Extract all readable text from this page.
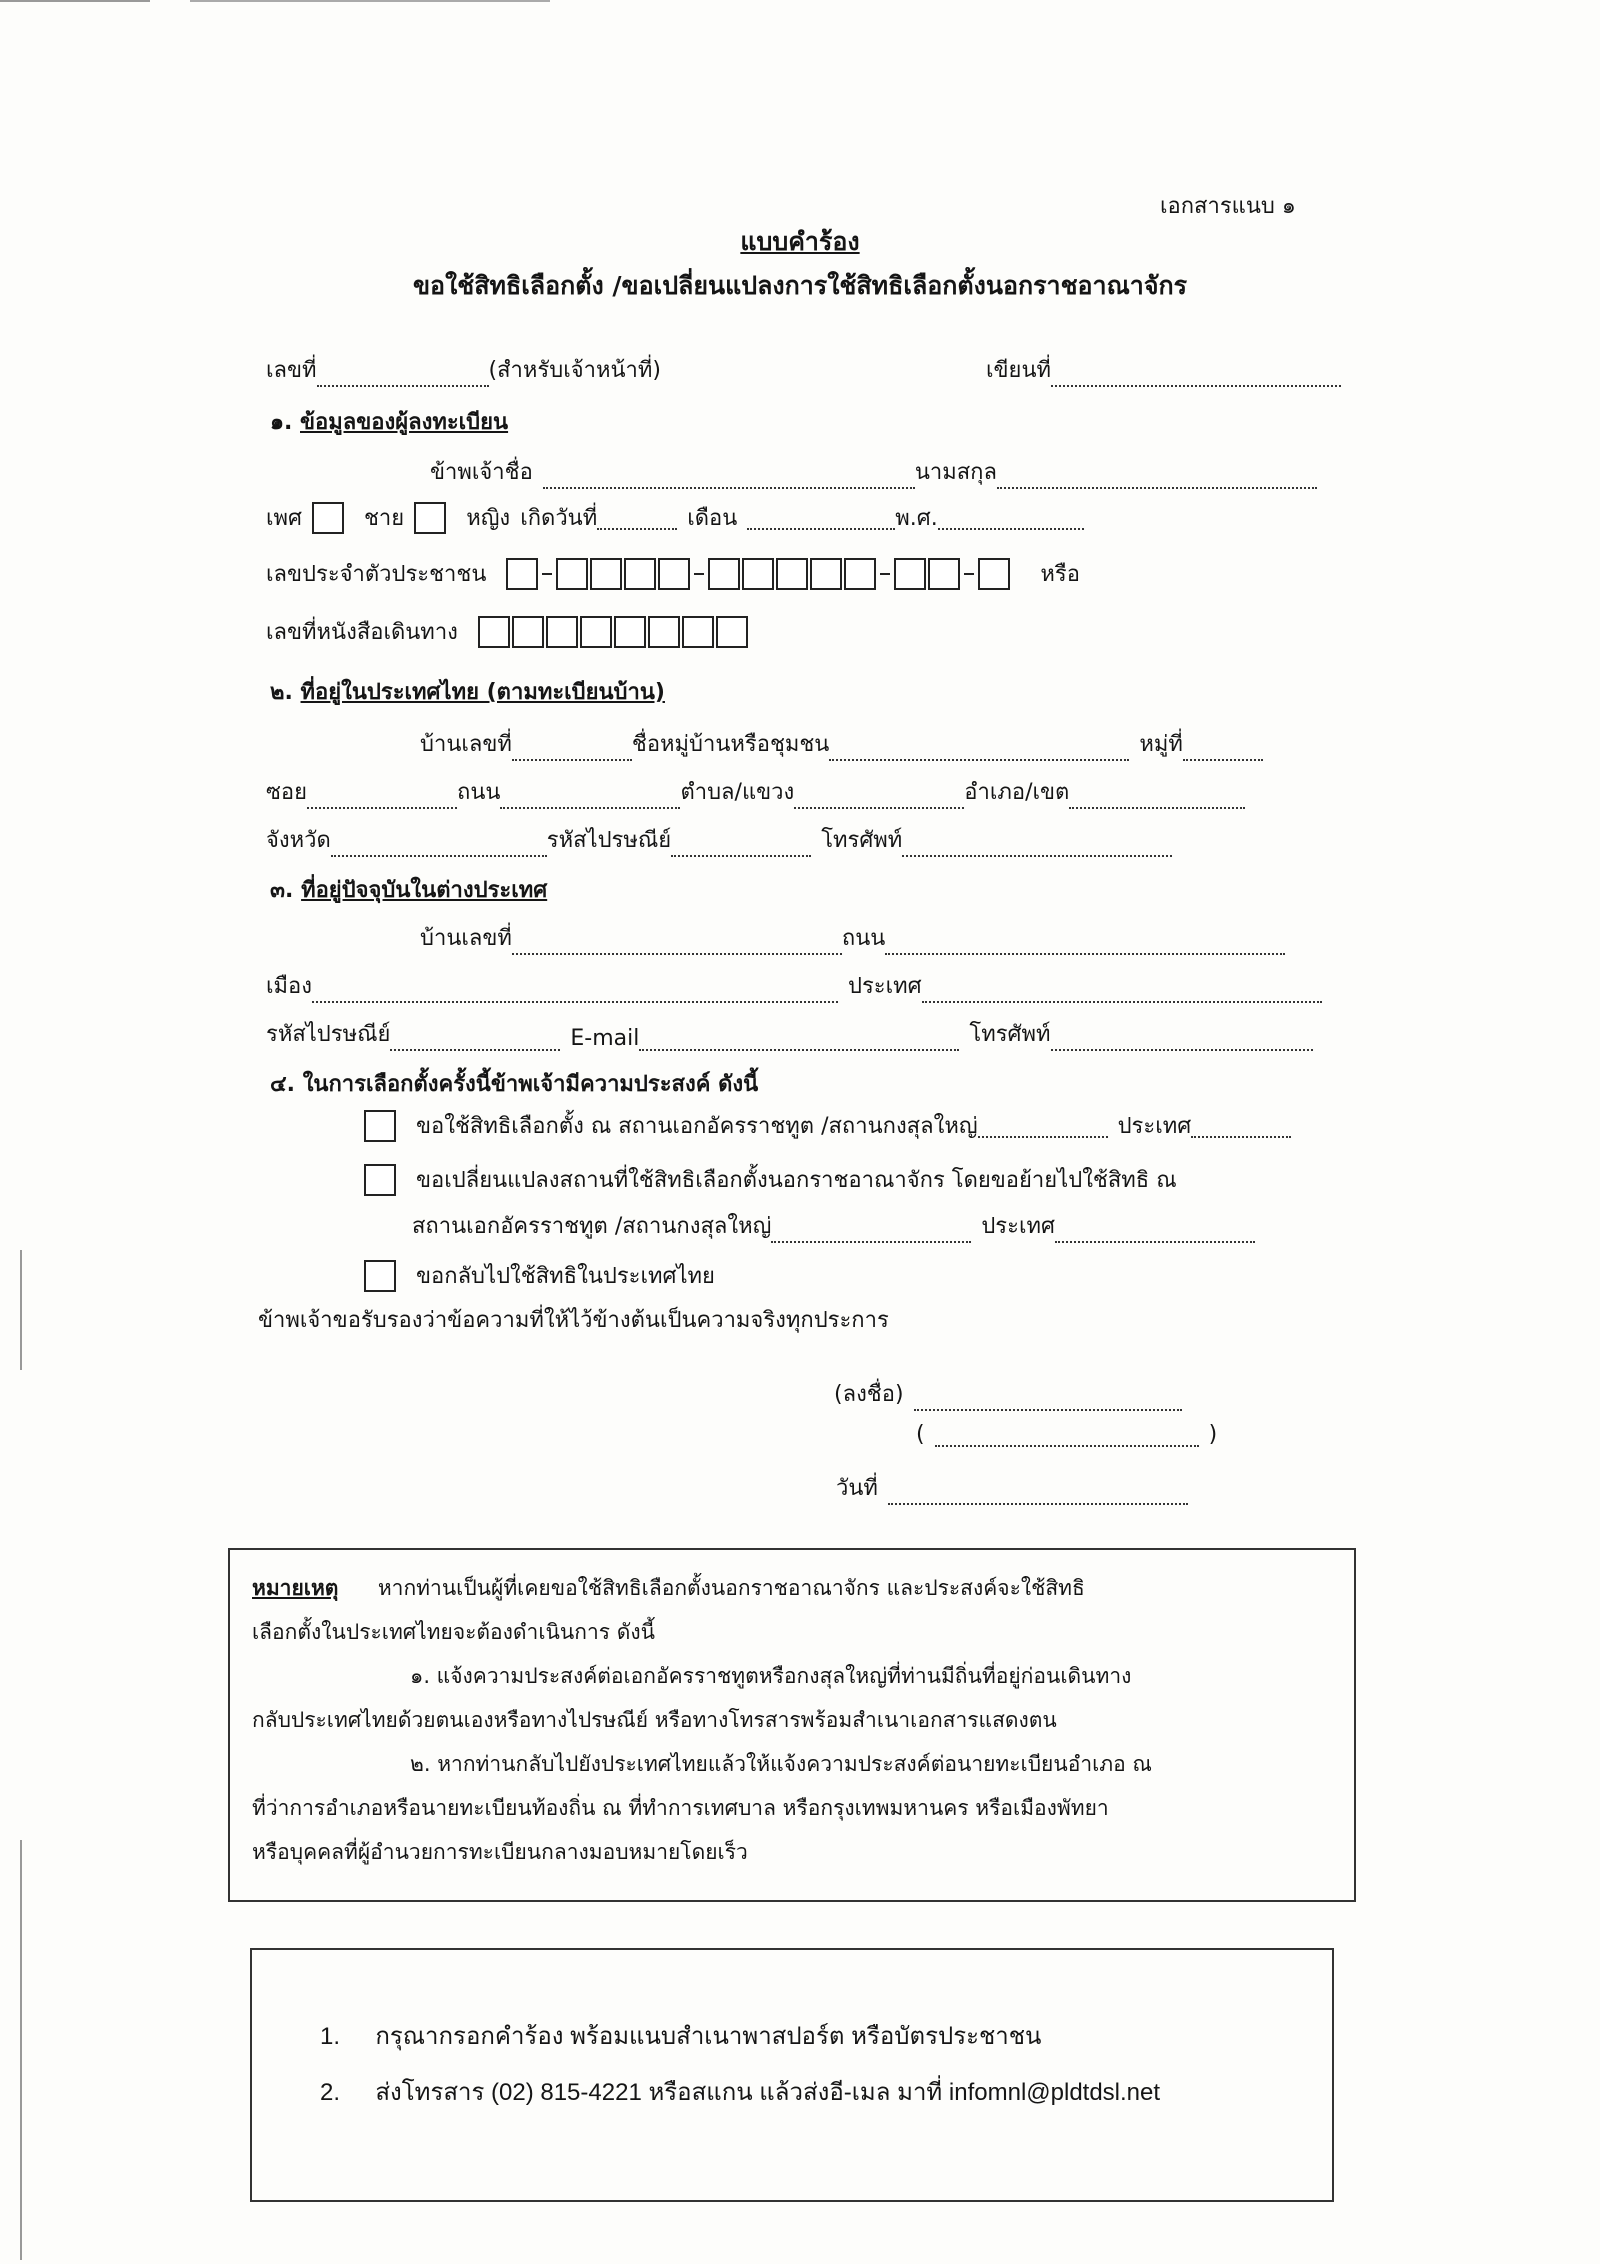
เอกสารแนบ ๑
แบบคำร้อง
ขอใช้สิทธิเลือกตั้ง /ขอเปลี่ยนแปลงการใช้สิทธิเลือกตั้งนอกราชอาณาจักร
เลขที่	(สำหรับเจ้าหน้าที่)	เขียนที่
๑. ข้อมูลของผู้ลงทะเบียน
ข้าพเจ้าชื่อ	นามสกุล
เพศ	ชาย	หญิง เกิดวันที่	เดือน	พ.ศ.
เลขประจำตัวประชาชน	หรือ
เลขที่หนังสือเดินทาง
๒. ที่อยู่ในประเทศไทย (ตามทะเบียนบ้าน)
บ้านเลขที่	ชื่อหมู่บ้านหรือชุมชน	หมู่ที่
ซอย	ถนน	ตำบล/แขวง	อำเภอ/เขต
จังหวัด	รหัสไปรษณีย์	โทรศัพท์
๓. ที่อยู่ปัจจุบันในต่างประเทศ
บ้านเลขที่	ถนน
เมือง	ประเทศ
รหัสไปรษณีย์	E-mail	โทรศัพท์
๔. ในการเลือกตั้งครั้งนี้ข้าพเจ้ามีความประสงค์ ดังนี้
ขอใช้สิทธิเลือกตั้ง ณ สถานเอกอัครราชทูต /สถานกงสุลใหญ่	ประเทศ
ขอเปลี่ยนแปลงสถานที่ใช้สิทธิเลือกตั้งนอกราชอาณาจักร โดยขอย้ายไปใช้สิทธิ ณ
สถานเอกอัครราชทูต /สถานกงสุลใหญ่	ประเทศ
ขอกลับไปใช้สิทธิในประเทศไทย
ข้าพเจ้าขอรับรองว่าข้อความที่ให้ไว้ข้างต้นเป็นความจริงทุกประการ
(ลงชื่อ)
(	)
วันที่
หมายเหตุ หากท่านเป็นผู้ที่เคยขอใช้สิทธิเลือกตั้งนอกราชอาณาจักร และประสงค์จะใช้สิทธิ
เลือกตั้งในประเทศไทยจะต้องดำเนินการ ดังนี้
๑. แจ้งความประสงค์ต่อเอกอัครราชทูตหรือกงสุลใหญ่ที่ท่านมีถิ่นที่อยู่ก่อนเดินทาง
กลับประเทศไทยด้วยตนเองหรือทางไปรษณีย์ หรือทางโทรสารพร้อมสำเนาเอกสารแสดงตน
๒. หากท่านกลับไปยังประเทศไทยแล้วให้แจ้งความประสงค์ต่อนายทะเบียนอำเภอ ณ
ที่ว่าการอำเภอหรือนายทะเบียนท้องถิ่น ณ ที่ทำการเทศบาล หรือกรุงเทพมหานคร หรือเมืองพัทยา
หรือบุคคลที่ผู้อำนวยการทะเบียนกลางมอบหมายโดยเร็ว
1. กรุณากรอกคำร้อง พร้อมแนบสำเนาพาสปอร์ต หรือบัตรประชาชน
2. ส่งโทรสาร (02) 815-4221 หรือสแกน แล้วส่งอี-เมล มาที่ infomnl@pldtdsl.net
